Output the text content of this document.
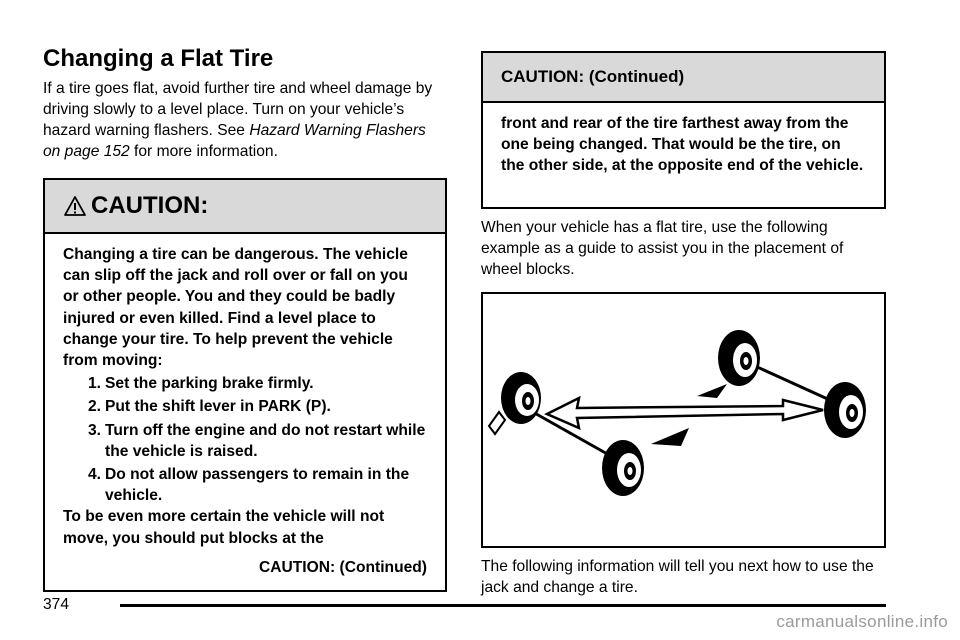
Changing a Flat Tire

If a tire goes flat, avoid further tire and wheel damage by driving slowly to a level place. Turn on your vehicle’s hazard warning flashers. See Hazard Warning Flashers on page 152 for more information.

CAUTION:

Changing a tire can be dangerous. The vehicle can slip off the jack and roll over or fall on you or other people. You and they could be badly injured or even killed. Find a level place to change your tire. To help prevent the vehicle from moving:

1. Set the parking brake firmly.
2. Put the shift lever in PARK (P).
3. Turn off the engine and do not restart while the vehicle is raised.
4. Do not allow passengers to remain in the vehicle.

To be even more certain the vehicle will not move, you should put blocks at the

CAUTION: (Continued)

CAUTION: (Continued)

front and rear of the tire farthest away from the one being changed. That would be the tire, on the other side, at the opposite end of the vehicle.

When your vehicle has a flat tire, use the following example as a guide to assist you in the placement of wheel blocks.

The following information will tell you next how to use the jack and change a tire.

374
carmanualsonline.info
